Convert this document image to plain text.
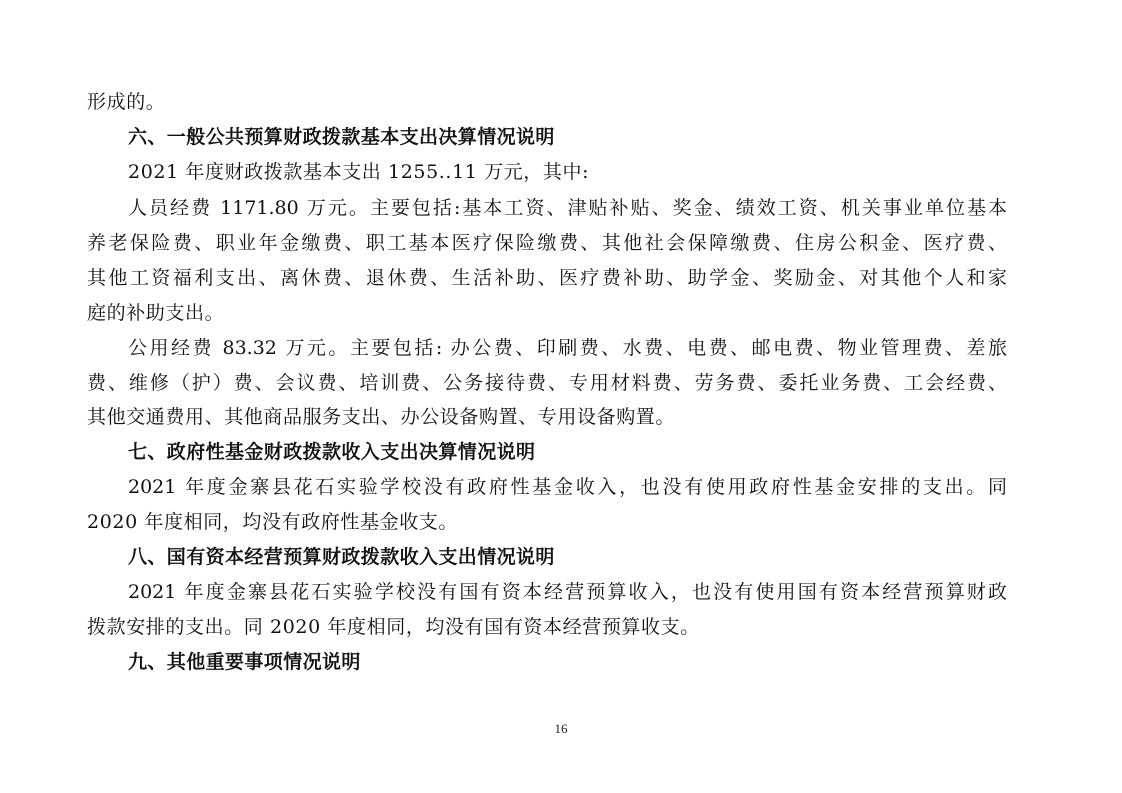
形成的。
六、一般公共预算财政拨款基本支出决算情况说明
2021 年度财政拨款基本支出 1255..11 万元，其中:
人员经费 1171.80 万元。主要包括:基本工资、津贴补贴、奖金、绩效工资、机关事业单位基本
养老保险费、职业年金缴费、职工基本医疗保险缴费、其他社会保障缴费、住房公积金、医疗费、
其他工资福利支出、离休费、退休费、生活补助、医疗费补助、助学金、奖励金、对其他个人和家
庭的补助支出。
公用经费 83.32 万元。主要包括: 办公费、印刷费、水费、电费、邮电费、物业管理费、差旅
费、维修（护）费、会议费、培训费、公务接待费、专用材料费、劳务费、委托业务费、工会经费、
其他交通费用、其他商品服务支出、办公设备购置、专用设备购置。
七、政府性基金财政拨款收入支出决算情况说明
2021 年度金寨县花石实验学校没有政府性基金收入，也没有使用政府性基金安排的支出。同
2020 年度相同，均没有政府性基金收支。
八、国有资本经营预算财政拨款收入支出情况说明
2021 年度金寨县花石实验学校没有国有资本经营预算收入，也没有使用国有资本经营预算财政
拨款安排的支出。同 2020 年度相同，均没有国有资本经营预算收支。
九、其他重要事项情况说明
16
